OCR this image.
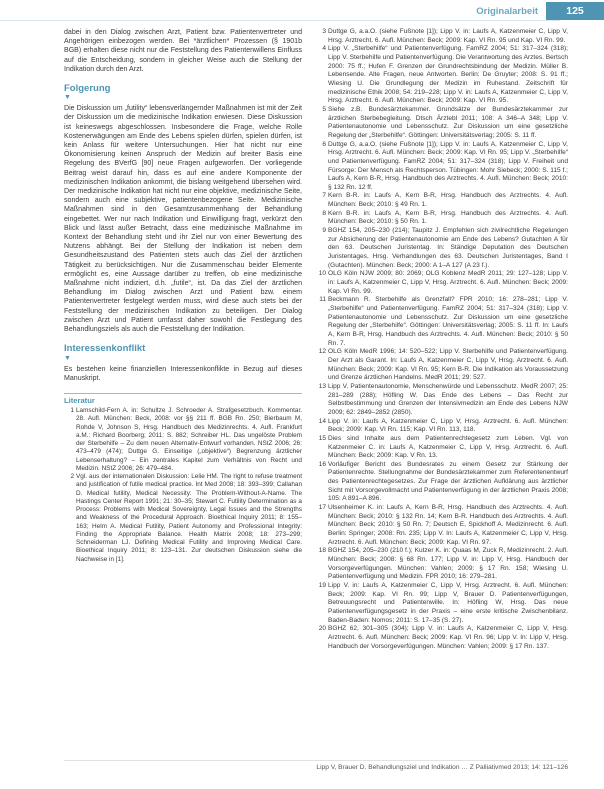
Originalarbeit	125

dabei in den Dialog zwischen Arzt, Patient bzw. Patientenvertreter und Angehörigen einbezogen werden. Bei *ärztlichen* Prozessen (§ 1901b BGB) erhalten diese nicht nur die Feststellung des Patientenwillens Einfluss auf die Entscheidung, sondern in gleicher Weise auch die Stellung der Indikation durch den Arzt.

Folgerung
▼

Die Diskussion um „futility“ lebensverlängernder Maßnahmen ist mit der Zeit der Diskussion um die medizinische Indikation erwiesen. Diese Diskussion ist keineswegs abgeschlossen. Insbesondere die Frage, welche Rolle Kostenerwägungen am Ende des Lebens spielen dürfen, spielen dürfen, ist kein Anlass für weitere Untersuchungen. Hier hat nicht nur eine Ökonomisierung keinen Anspruch der Medizin auf breiter Basis eine Regelung des BVerfG [90] neue Fragen aufgeworfen. Der vorliegende Beitrag weist darauf hin, dass es auf eine andere Komponente der medizinischen Indikation ankommt, die bislang weitgehend übersehen wird. Der medizinische Indikation hat nicht nur eine objektive, medizinische Seite, sondern auch eine subjektive, patientenbezogene Seite. Medizinische Maßnahmen sind in den Gesamtzusammenhang der Behandlung eingebettet. Wer nur nach Indikation und Einwilligung fragt, verkürzt den Blick und lässt außer Betracht, dass eine medizinische Maßnahme im Kontext der Behandlung steht und ihr Ziel nur von einer Bewertung des Nutzens abhängt. Bei der Stellung der Indikation ist neben dem Gesundheitszustand des Patienten stets auch das Ziel der ärztlichen Tätigkeit zu berücksichtigen. Nur die Zusammenschau beider Elemente ermöglicht es, eine Aussage darüber zu treffen, ob eine medizinische Maßnahme nicht indiziert, d.h. „futile“, ist. Da das Ziel der ärztlichen Behandlung im Dialog zwischen Arzt und Patient bzw. einem Patientenvertreter festgelegt werden muss, wird diese auch stets bei der Feststellung der medizinischen Indikation zu beteiligen. Der Dialog zwischen Arzt und Patient umfasst daher sowohl die Festlegung des Behandlungsziels als auch die Feststellung der Indikation.

Interessenkonflikt
▼

Es bestehen keine finanziellen Interessenkonflikte in Bezug auf dieses Manuskript.

Literatur
1 Lamschild-Fern A. in: Schultze J. Schroeder A. Strafgesetzbuch. Kommentar. 28. Aufl. München: Beck, 2008: vor §§ 211 ff. BGB Rn. 250; Bierbaum M, Rohde V, Johnson S, Hrsg. Handbuch des Medizinrechts. 4. Aufl. Frankfurt a.M.: Richard Boorberg; 2011: S. 882; Schreiber HL. Das ungelöste Problem der Sterbehilfe – Zu dem neuen Alternativ-Entwurf vorhanden. NStZ 2006; 26: 473–479 (474); Duttge G. Einseitige („objektive“) Begrenzung ärztlicher Lebenserhaltung? – Ein zentrales Kapitel zum Verhältnis von Recht und Medizin. NStZ 2006; 26: 479–484.
2 Vgl. aus der internationalen Diskussion: Lelie HM. The right to refuse treatment and justification of futile medical practice. Int Med 2008; 18: 393–399; Callahan D. Medical futility, Medical Necessity: The Problem-Without-A-Name. The Hastings Center Report 1991; 21: 30–35; Stewart C. Futility Determination as a Process: Problems with Medical Sovereignty, Legal Issues and the Strengths and Weakness of the Procedural Approach. Bioethical Inquiry 2011; 8: 155–163; Helm A. Medical Futility, Patient Autonomy and Professional Integrity: Finding the Appropriate Balance. Health Matrix 2008; 18: 273–299; Schneiderman LJ. Defining Medical Futility and Improving Medical Care. Bioethical Inquiry 2011; 8: 123–131. Zur deutschen Diskussion siehe die Nachweise in [1].
3 Duttge G, a.a.O. (siehe Fußnote [1]); Lipp V. in: Laufs A, Katzenmeier C, Lipp V, Hrsg. Arztrecht. 6. Aufl. München: Beck; 2009: Kap. VI Rn. 95 und Kap. VI Rn. 99.
4 Lipp V. „Sterbehilfe“ und Patientenverfügung. FamRZ 2004; 51: 317–324 (318); Lipp V. Sterbehilfe und Patientenverfügung. Die Verantwortung des Arztes. Bertsch 2000: 75 ff.; Hufen F. Grenzen der Grundrechtsbindung der Medizin. Müller B. Lebensende. Alte Fragen, neue Antworten. Berlin: De Gruyter; 2008: S. 91 ff.; Wiesing U. Die Grundlegung der Medizin im Ruhestand. Zeitschrift für medizinische Ethik 2008; 54: 219–228; Lipp V. in: Laufs A, Katzenmeier C, Lipp V, Hrsg. Arztrecht. 6. Aufl. München: Beck; 2009: Kap. VI Rn. 95.
5 Siehe z.B. Bundesärztekammer. Grundsätze der Bundesärztekammer zur ärztlichen Sterbebegleitung. Dtsch Ärztebl 2011; 108: A 346–A 348; Lipp V. Patientenautonomie und Lebensschutz. Zur Diskussion um eine gesetzliche Regelung der „Sterbehilfe“. Göttingen: Universitätsverlag; 2005: S. 11 ff.
6 Duttge G, a.a.O. (siehe Fußnote [1]); Lipp V. in: Laufs A, Katzenmeier C, Lipp V, Hrsg. Arztrecht. 6. Aufl. München: Beck; 2009: Kap. VI Rn. 95; Lipp V. „Sterbehilfe“ und Patientenverfügung. FamRZ 2004; 51: 317–324 (318); Lipp V. Freiheit und Fürsorge: Der Mensch als Rechtsperson. Tübingen: Mohr Siebeck; 2000: S. 115 f.; Laufs A, Kern B-R, Hrsg. Handbuch des Arztrechts. 4. Aufl. München: Beck; 2010: § 132 Rn. 12 ff.
7 Kern B-R. in: Laufs A, Kern B-R, Hrsg. Handbuch des Arztrechts. 4. Aufl. München: Beck; 2010: § 49 Rn. 1.
8 Kern B-R. in: Laufs A, Kern B-R, Hrsg. Handbuch des Arztrechts. 4. Aufl. München: Beck; 2010: § 50 Rn. 1.
9 BGHZ 154, 205–230 (214); Taupitz J. Empfehlen sich zivilrechtliche Regelungen zur Absicherung der Patientenautonomie am Ende des Lebens? Gutachten A für den 63. Deutschen Juristentag. In: Ständige Deputation des Deutschen Juristentages, Hrsg. Verhandlungen des 63. Deutschen Juristentages, Band I (Gutachten). München: Beck; 2000: A 1–A 127 (A 23 f.).
10 OLG Köln NJW 2009; 80: 2069; OLG Koblenz MedR 2011; 29: 127–128; Lipp V. in: Laufs A, Katzenmeier C, Lipp V, Hrsg. Arztrecht. 6. Aufl. München: Beck; 2009: Kap. VI Rn. 99.
11 Beckmann R. Sterbehilfe als Grenzfall? FPR 2010; 16: 278–281; Lipp V. „Sterbehilfe“ und Patientenverfügung. FamRZ 2004; 51: 317–324 (318); Lipp V. Patientenautonomie und Lebensschutz. Zur Diskussion um eine gesetzliche Regelung der „Sterbehilfe“. Göttingen: Universitätsverlag; 2005: S. 11 ff. In: Laufs A, Kern B-R, Hrsg. Handbuch des Arztrechts. 4. Aufl. München: Beck; 2010: § 50 Rn. 7.
12 OLG Köln MedR 1996; 14: 520–522; Lipp V. Sterbehilfe und Patientenverfügung. Der Arzt als Garant. In: Laufs A, Katzenmeier C, Lipp V, Hrsg. Arztrecht. 6. Aufl. München: Beck; 2009: Kap. VI Rn. 95; Kern B-R. Die Indikation als Voraussetzung und Grenze ärztlichen Handelns. MedR 2011; 29: 527.
13 Lipp V. Patientenautonomie, Menschenwürde und Lebensschutz. MedR 2007; 25: 281–289 (288); Höfling W. Das Ende des Lebens – Das Recht zur Selbstbestimmung und Grenzen der Intensivmedizin am Ende des Lebens NJW 2009; 62: 2849–2852 (2850).
14 Lipp V. in: Laufs A, Katzenmeier C, Lipp V, Hrsg. Arztrecht. 6. Aufl. München: Beck; 2009: Kap. VI Rn. 115; Kap. VI Rn. 113, 118.
15 Dies sind Inhalte aus dem Patientenrechtegesetz zum Leben. Vgl. von Katzenmeier C. in: Laufs A, Katzenmeier C, Lipp V, Hrsg. Arztrecht. 6. Aufl. München: Beck; 2009: Kap. V Rn. 13.
16 Vorläufiger Bericht des Bundesrates zu einem Gesetz zur Stärkung der Patientenrechte. Stellungnahme der Bundesärztekammer zum Referentenentwurf des Patientenrechtegesetzes. Zur Frage der ärztlichen Aufklärung aus ärztlicher Sicht mit Vorsorgevollmacht und Patientenverfügung in der ärztlichen Praxis 2008; 105: A 891–A 896.
17 Ulsenheimer K. in: Laufs A, Kern B-R, Hrsg. Handbuch des Arztrechts. 4. Aufl. München: Beck; 2010: § 132 Rn. 14; Kern B-R. Handbuch des Arztrechts. 4. Aufl. München: Beck; 2010: § 50 Rn. 7; Deutsch E, Spickhoff A. Medizinrecht. 6. Aufl. Berlin: Springer; 2008: Rn. 235; Lipp V. In: Laufs A, Katzenmeier C, Lipp V, Hrsg. Arztrecht. 6. Aufl. München: Beck; 2009: Kap. VI Rn. 97.
18 BGHZ 154, 205–230 (210 f.); Kutzer K. in: Quaas M, Zuck R, Medizinrecht. 2. Aufl. München: Beck; 2008: § 68 Rn. 177; Lipp V. in: Lipp V, Hrsg. Handbuch der Vorsorgeverfügungen. München: Vahlen; 2009: § 17 Rn. 158; Wiesing U. Patientenverfügung und Medizin. FPR 2010; 16: 279–281.
19 Lipp V. in: Laufs A, Katzenmeier C, Lipp V, Hrsg. Arztrecht. 6. Aufl. München: Beck; 2009: Kap. VI Rn. 99; Lipp V, Brauer D. Patientenverfügungen, Betreuungsrecht und Patientenwille. In: Höfling W, Hrsg. Das neue Patientenverfügungsgesetz in der Praxis – eine erste kritische Zwischenbilanz. Baden-Baden: Nomos; 2011: S. 17–35 (S. 27).
20 BGHZ 62, 301–305 (304); Lipp V. in: Laufs A, Katzenmeier C, Lipp V, Hrsg. Arztrecht. 6. Aufl. München: Beck; 2009: Kap. VI Rn. 96; Lipp V. In: Lipp V, Hrsg. Handbuch der Vorsorgeverfügungen. München: Vahlen; 2009: § 17 Rn. 137.
Lipp V, Brauer D. Behandlungsziel und Indikation … Z Palliativmed 2013; 14: 121–126
